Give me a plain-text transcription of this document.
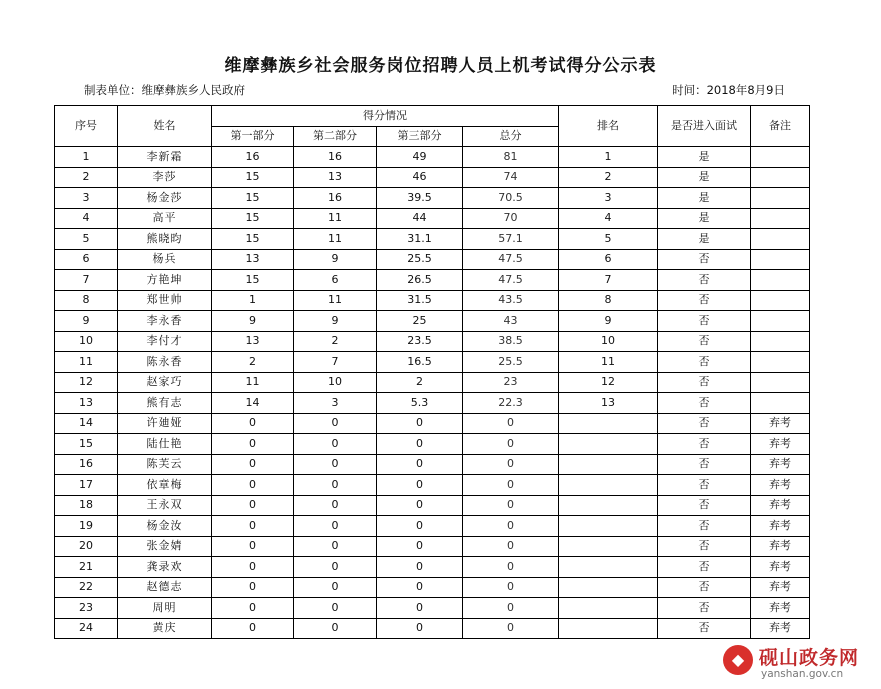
维摩彝族乡社会服务岗位招聘人员上机考试得分公示表
制表单位：维摩彝族乡人民政府	时间：2018年8月9日
序号	姓名	得分情况				排名	是否进入面试	备注
		第一部分	第二部分	第三部分	总分			
1	李新霜	16	16	49	81	1	是	
2	李莎	15	13	46	74	2	是	
3	杨金莎	15	16	39.5	70.5	3	是	
4	高平	15	11	44	70	4	是	
5	熊晓昀	15	11	31.1	57.1	5	是	
6	杨兵	13	9	25.5	47.5	6	否	
7	方艳坤	15	6	26.5	47.5	7	否	
8	郑世帅	1	11	31.5	43.5	8	否	
9	李永香	9	9	25	43	9	否	
10	李付才	13	2	23.5	38.5	10	否	
11	陈永香	2	7	16.5	25.5	11	否	
12	赵家巧	11	10	2	23	12	否	
13	熊有志	14	3	5.3	22.3	13	否	
14	许廸娅	0	0	0	0		否	弃考
15	陆仕艳	0	0	0	0		否	弃考
16	陈芙云	0	0	0	0		否	弃考
17	依章梅	0	0	0	0		否	弃考
18	王永双	0	0	0	0		否	弃考
19	杨金汝	0	0	0	0		否	弃考
20	张金婧	0	0	0	0		否	弃考
21	龚录欢	0	0	0	0		否	弃考
22	赵德志	0	0	0	0		否	弃考
23	周明	0	0	0	0		否	弃考
24	黄庆	0	0	0	0		否	弃考
◆ 砚山政务网
yanshan.gov.cn
